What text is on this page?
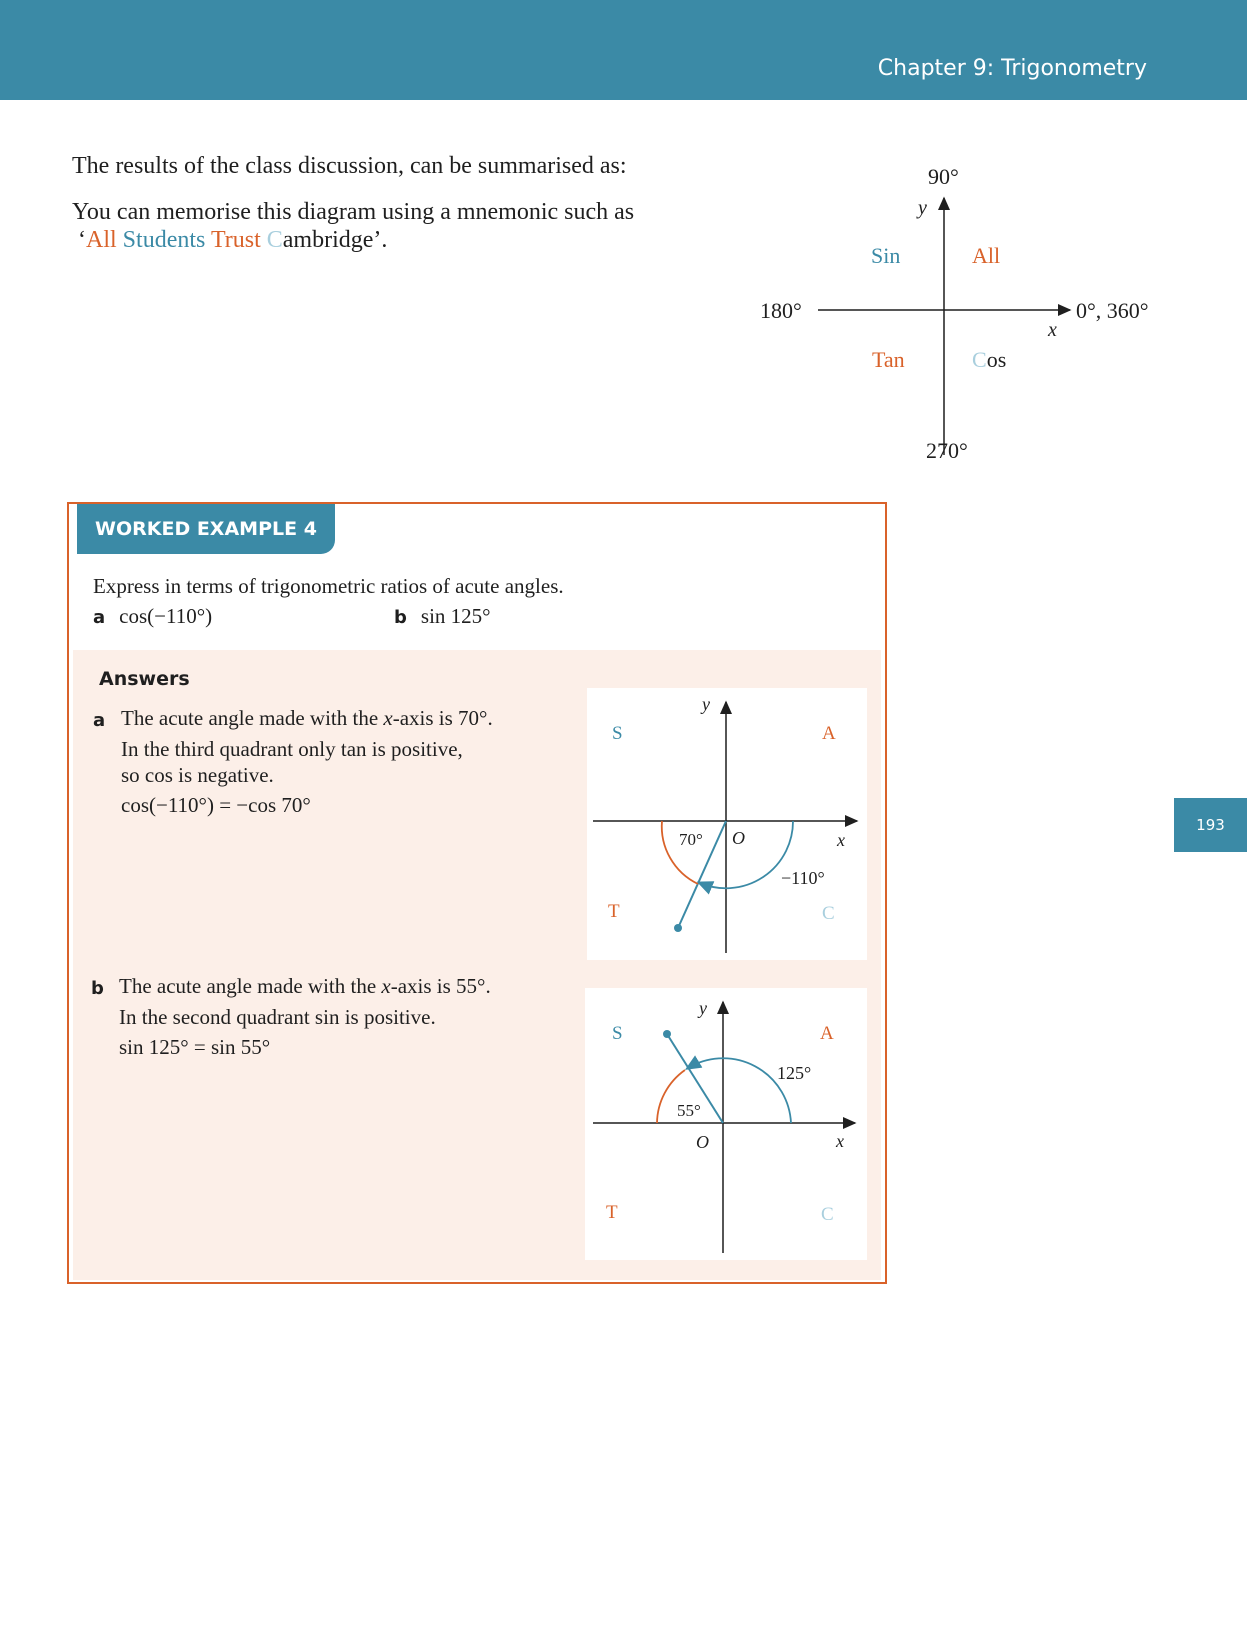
Chapter 9: Trigonometry
193
The results of the class discussion, can be summarised as:
You can memorise this diagram using a mnemonic such as
‘All Students Trust Cambridge’.
90°
y
180°	0°, 360°
x
270°
Sin	All
Tan	Cos
WORKED EXAMPLE 4
Express in terms of trigonometric ratios of acute angles.
a cos(−110°)	b sin 125°
Answers
a The acute angle made with the x-axis is 70°.
In the third quadrant only tan is positive,
so cos is negative.
cos(−110°) = −cos 70°
b The acute angle made with the x-axis is 55°.
In the second quadrant sin is positive.
sin 125° = sin 55°
S	A
T	C
y
x
O
70°
−110°
S	A
T	C
y
x
O
55°
125°
